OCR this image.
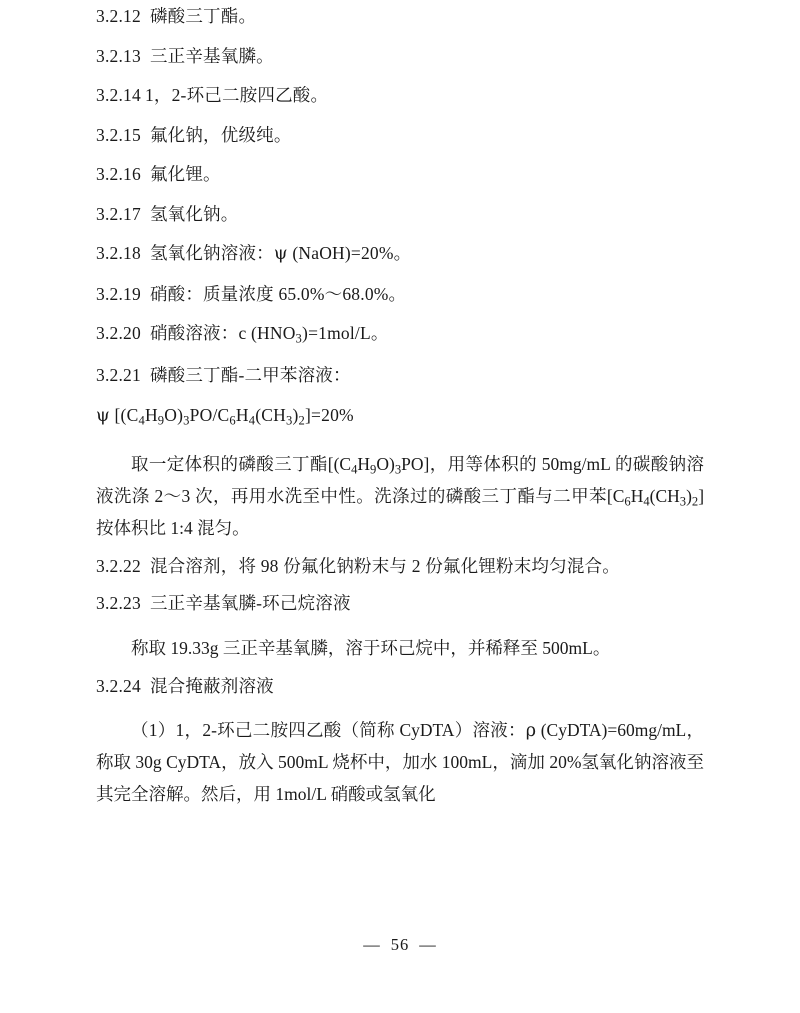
3.2.12 磷酸三丁酯。

3.2.13 三正辛基氧膦。

3.2.14 1，2-环己二胺四乙酸。

3.2.15 氟化钠，优级纯。

3.2.16 氟化锂。

3.2.17 氢氧化钠。

3.2.18 氢氧化钠溶液：ψ (NaOH)=20%。

3.2.19 硝酸：质量浓度 65.0%～68.0%。

3.2.20 硝酸溶液：c $(HNO_3)=1mol/L$。

3.2.21 磷酸三丁酯-二甲苯溶液：

ψ $[(C_4H_9O)_3PO/C_6H_4(CH_3)_2]=20\%$

取一定体积的磷酸三丁酯$[(C_4H_9O)_3PO]$，用等体积的 50mg/mL 的碳酸钠溶液洗涤 2～3 次，再用水洗至中性。洗涤过的磷酸三丁酯与二甲苯$[C_6H_4(CH_3)_2]$按体积比 1:4 混匀。

3.2.22 混合溶剂，将 98 份氟化钠粉末与 2 份氟化锂粉末均匀混合。

3.2.23 三正辛基氧膦-环己烷溶液

称取 19.33g 三正辛基氧膦，溶于环己烷中，并稀释至 500mL。

3.2.24 混合掩蔽剂溶液

（1）1，2-环己二胺四乙酸（简称 CyDTA）溶液：ρ (CyDTA)=60mg/mL，称取 30g CyDTA，放入 500mL 烧杯中，加水 100mL，滴加 20%氢氧化钠溶液至其完全溶解。然后，用 1mol/L 硝酸或氢氧化

— 56 —
